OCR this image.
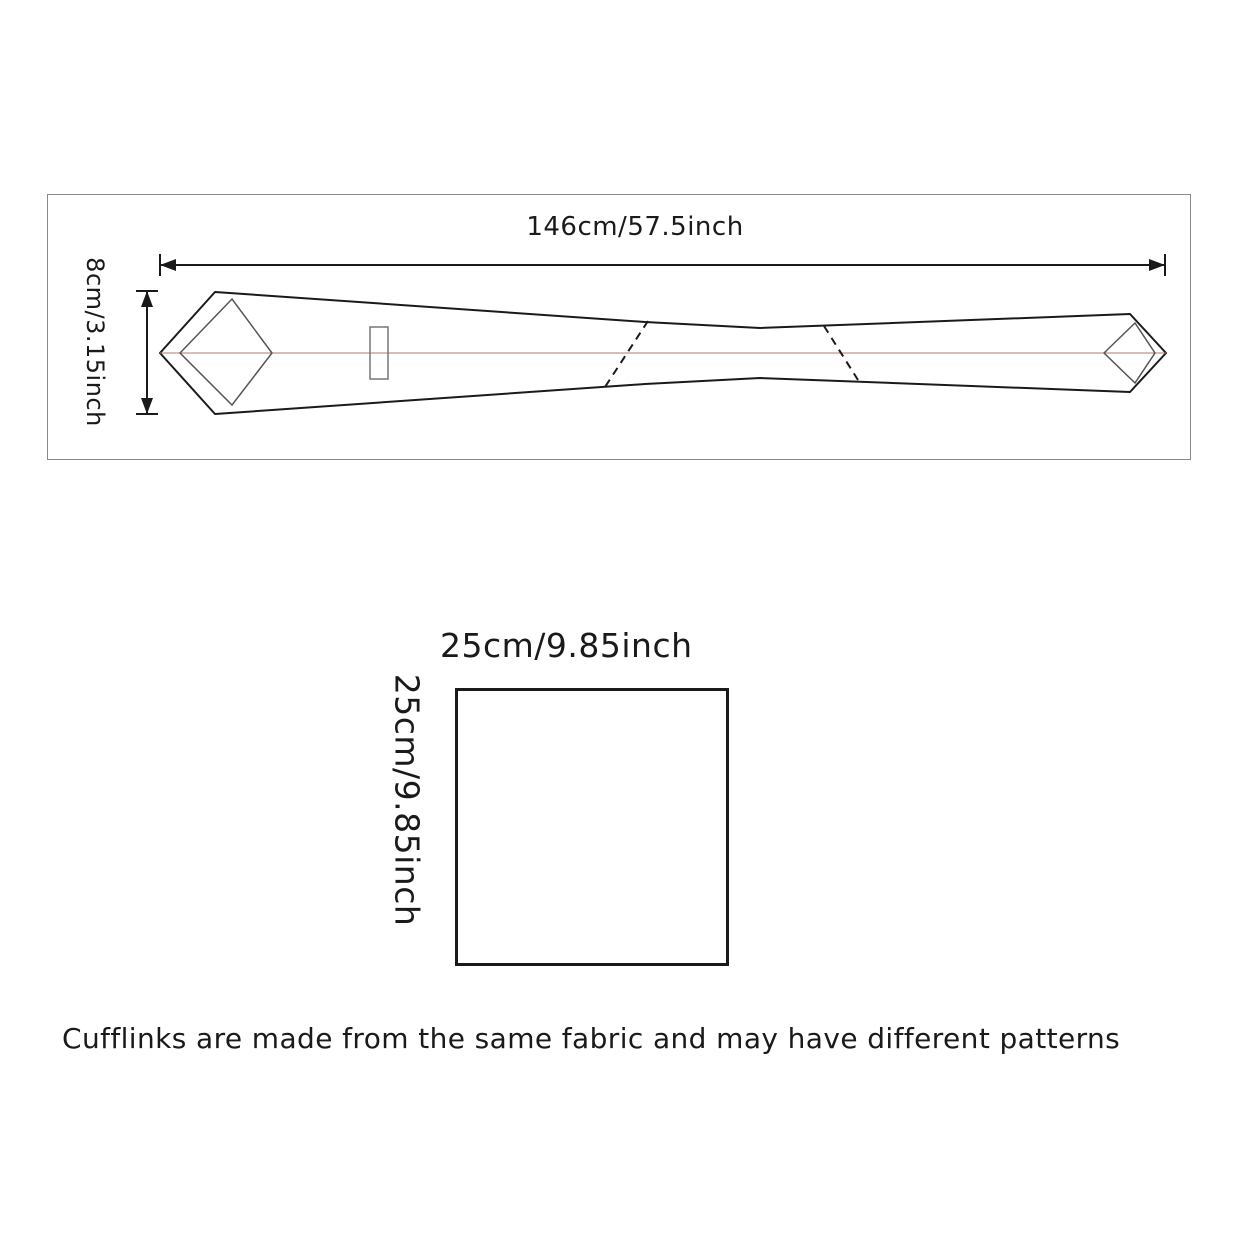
146cm/57.5inch
8cm/3.15inch
25cm/9.85inch
25cm/9.85inch
Cufflinks are made from the same fabric and may have different patterns
